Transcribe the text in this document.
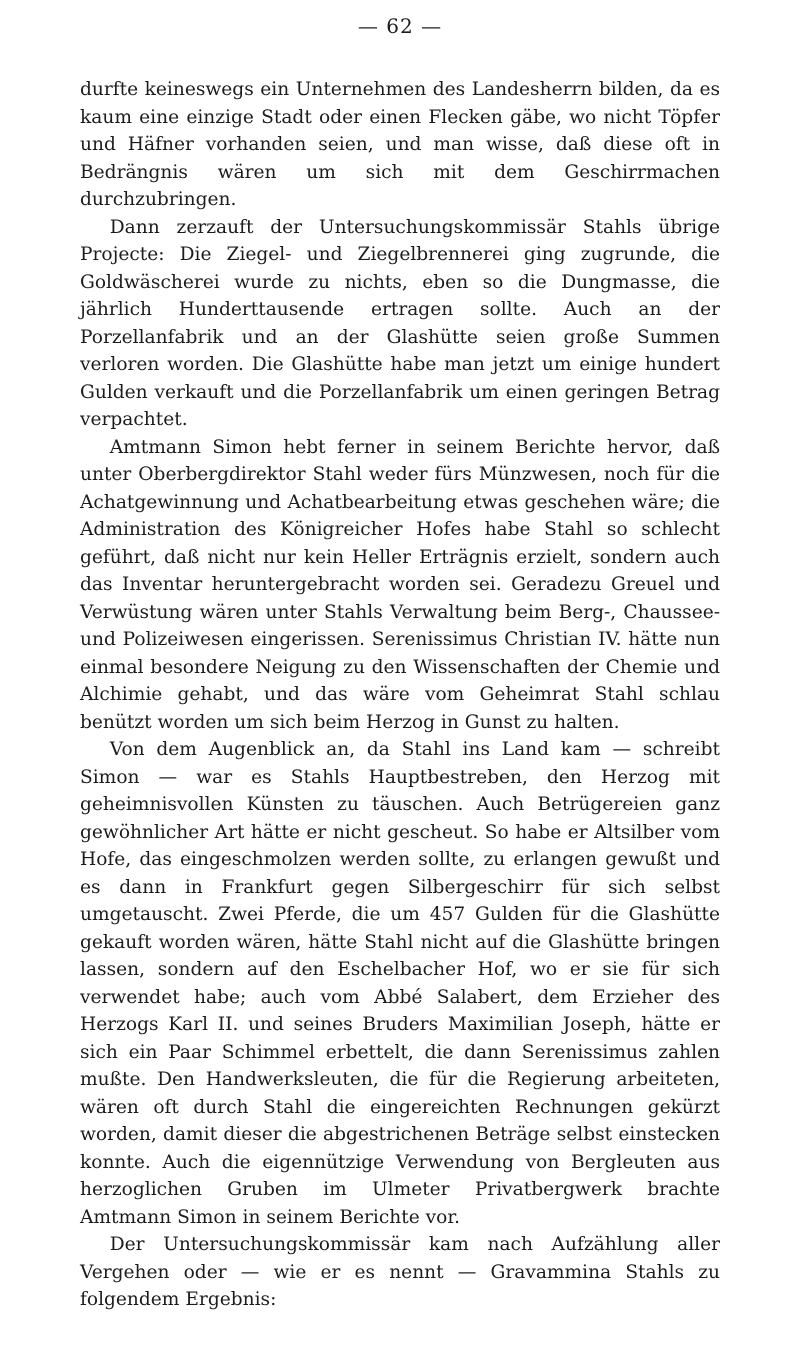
— 62 —

durfte keineswegs ein Unternehmen des Landesherrn bilden, da es kaum eine einzige Stadt oder einen Flecken gäbe, wo nicht Töpfer und Häfner vorhanden seien, und man wisse, daß diese oft in Bedrängnis wären um sich mit dem Geschirrmachen durchzubringen.

Dann zerzauft der Untersuchungskommissär Stahls übrige Projecte: Die Ziegel- und Ziegelbrennerei ging zugrunde, die Goldwäscherei wurde zu nichts, eben so die Dungmasse, die jährlich Hunderttausende ertragen sollte. Auch an der Porzellanfabrik und an der Glashütte seien große Summen verloren worden. Die Glashütte habe man jetzt um einige hundert Gulden verkauft und die Porzellanfabrik um einen geringen Betrag verpachtet.

Amtmann Simon hebt ferner in seinem Berichte hervor, daß unter Oberbergdirektor Stahl weder fürs Münzwesen, noch für die Achatgewinnung und Achatbearbeitung etwas geschehen wäre; die Administration des Königreicher Hofes habe Stahl so schlecht geführt, daß nicht nur kein Heller Erträgnis erzielt, sondern auch das Inventar heruntergebracht worden sei. Geradezu Greuel und Verwüstung wären unter Stahls Verwaltung beim Berg-, Chaussee- und Polizeiwesen eingerissen. Serenissimus Christian IV. hätte nun einmal besondere Neigung zu den Wissenschaften der Chemie und Alchimie gehabt, und das wäre vom Geheimrat Stahl schlau benützt worden um sich beim Herzog in Gunst zu halten.

Von dem Augenblick an, da Stahl ins Land kam — schreibt Simon — war es Stahls Hauptbestreben, den Herzog mit geheimnisvollen Künsten zu täuschen. Auch Betrügereien ganz gewöhnlicher Art hätte er nicht gescheut. So habe er Altsilber vom Hofe, das eingeschmolzen werden sollte, zu erlangen gewußt und es dann in Frankfurt gegen Silbergeschirr für sich selbst umgetauscht. Zwei Pferde, die um 457 Gulden für die Glashütte gekauft worden wären, hätte Stahl nicht auf die Glashütte bringen lassen, sondern auf den Eschelbacher Hof, wo er sie für sich verwendet habe; auch vom Abbé Salabert, dem Erzieher des Herzogs Karl II. und seines Bruders Maximilian Joseph, hätte er sich ein Paar Schimmel erbettelt, die dann Serenissimus zahlen mußte. Den Handwerksleuten, die für die Regierung arbeiteten, wären oft durch Stahl die eingereichten Rechnungen gekürzt worden, damit dieser die abgestrichenen Beträge selbst einstecken konnte. Auch die eigennützige Verwendung von Bergleuten aus herzoglichen Gruben im Ulmeter Privatbergwerk brachte Amtmann Simon in seinem Berichte vor.

Der Untersuchungskommissär kam nach Aufzählung aller Vergehen oder — wie er es nennt — Gravammina Stahls zu folgendem Ergebnis:
